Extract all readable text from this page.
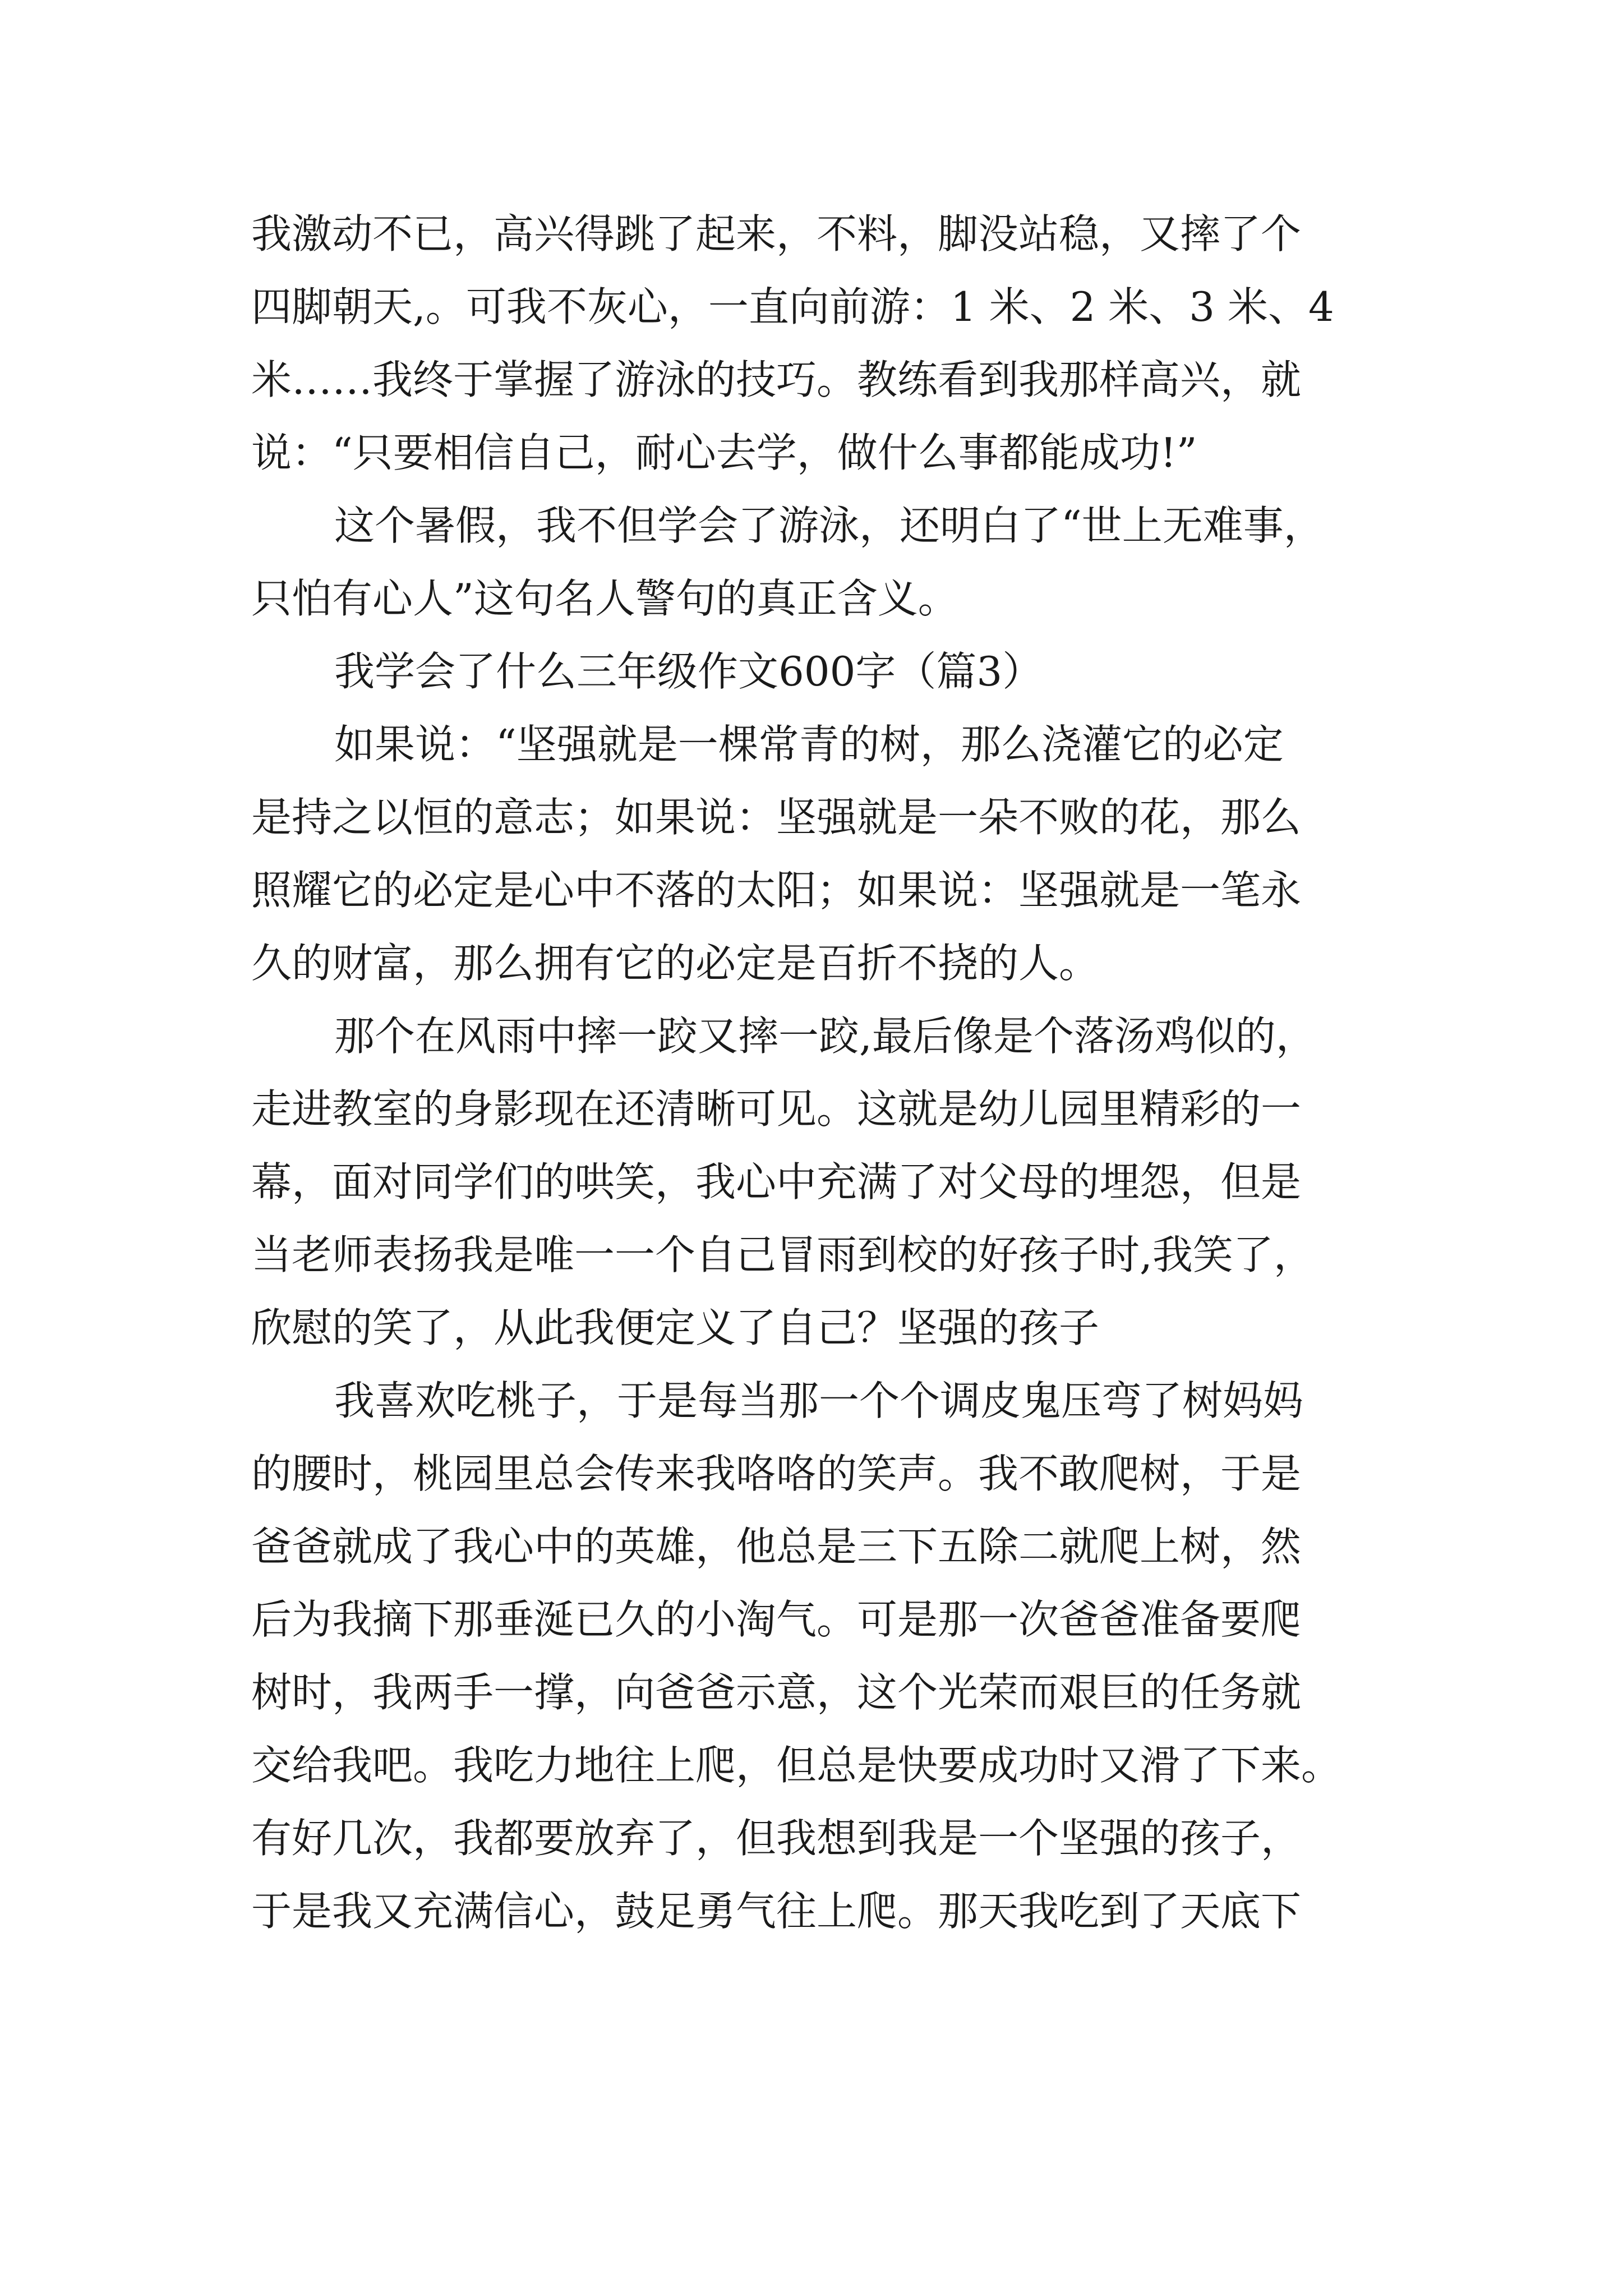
我激动不已，高兴得跳了起来，不料，脚没站稳，又摔了个
四脚朝天,。可我不灰心，一直向前游：1 米、2 米、3 米、4
米……我终于掌握了游泳的技巧。教练看到我那样高兴，就
说：“只要相信自己，耐心去学，做什么事都能成功!”
这个暑假，我不但学会了游泳，还明白了“世上无难事，
只怕有心人”这句名人警句的真正含义。
我学会了什么三年级作文600字（篇3）
如果说：“坚强就是一棵常青的树，那么浇灌它的必定
是持之以恒的意志；如果说：坚强就是一朵不败的花，那么
照耀它的必定是心中不落的太阳；如果说：坚强就是一笔永
久的财富，那么拥有它的必定是百折不挠的人。
那个在风雨中摔一跤又摔一跤,最后像是个落汤鸡似的，
走进教室的身影现在还清晰可见。这就是幼儿园里精彩的一
幕，面对同学们的哄笑，我心中充满了对父母的埋怨，但是
当老师表扬我是唯一一个自己冒雨到校的好孩子时,我笑了，
欣慰的笑了，从此我便定义了自己？坚强的孩子
我喜欢吃桃子，于是每当那一个个调皮鬼压弯了树妈妈
的腰时，桃园里总会传来我咯咯的笑声。我不敢爬树，于是
爸爸就成了我心中的英雄，他总是三下五除二就爬上树，然
后为我摘下那垂涎已久的小淘气。可是那一次爸爸准备要爬
树时，我两手一撑，向爸爸示意，这个光荣而艰巨的任务就
交给我吧。我吃力地往上爬，但总是快要成功时又滑了下来。
有好几次，我都要放弃了，但我想到我是一个坚强的孩子，
于是我又充满信心，鼓足勇气往上爬。那天我吃到了天底下
